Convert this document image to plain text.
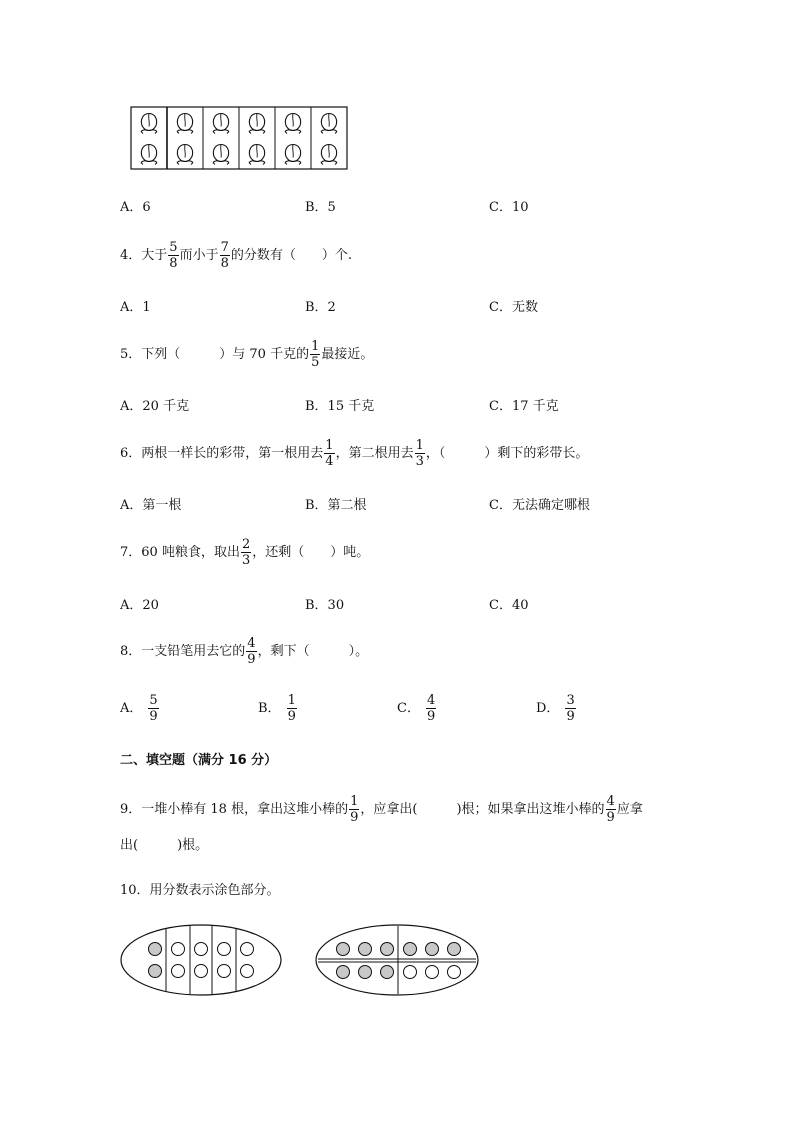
A．6	B．5	C．10
4．大于 $\frac{5}{8}$ 而小于 $\frac{7}{8}$ 的分数有（　　）个.
A．1	B．2	C．无数
5．下列（　　　）与 70 千克的 $\frac{1}{5}$ 最接近。
A．20 千克	B．15 千克	C．17 千克
6．两根一样长的彩带，第一根用去 $\frac{1}{4}$ ，第二根用去 $\frac{1}{3}$ ，（　　　）剩下的彩带长。
A．第一根	B．第二根	C．无法确定哪根
7．60 吨粮食，取出 $\frac{2}{3}$ ，还剩（　　）吨。
A．20	B．30	C．40
8．一支铅笔用去它的 $\frac{4}{9}$ ，剩下（　　　）。
A． $\frac{5}{9}$	B． $\frac{1}{9}$	C． $\frac{4}{9}$	D． $\frac{3}{9}$
二、填空题（满分 16 分）
9．一堆小棒有 18 根，拿出这堆小棒的 $\frac{1}{9}$ ，应拿出(　　　)根；如果拿出这堆小棒的 $\frac{4}{9}$ 应拿
出(　　　)根。
10．用分数表示涂色部分。
